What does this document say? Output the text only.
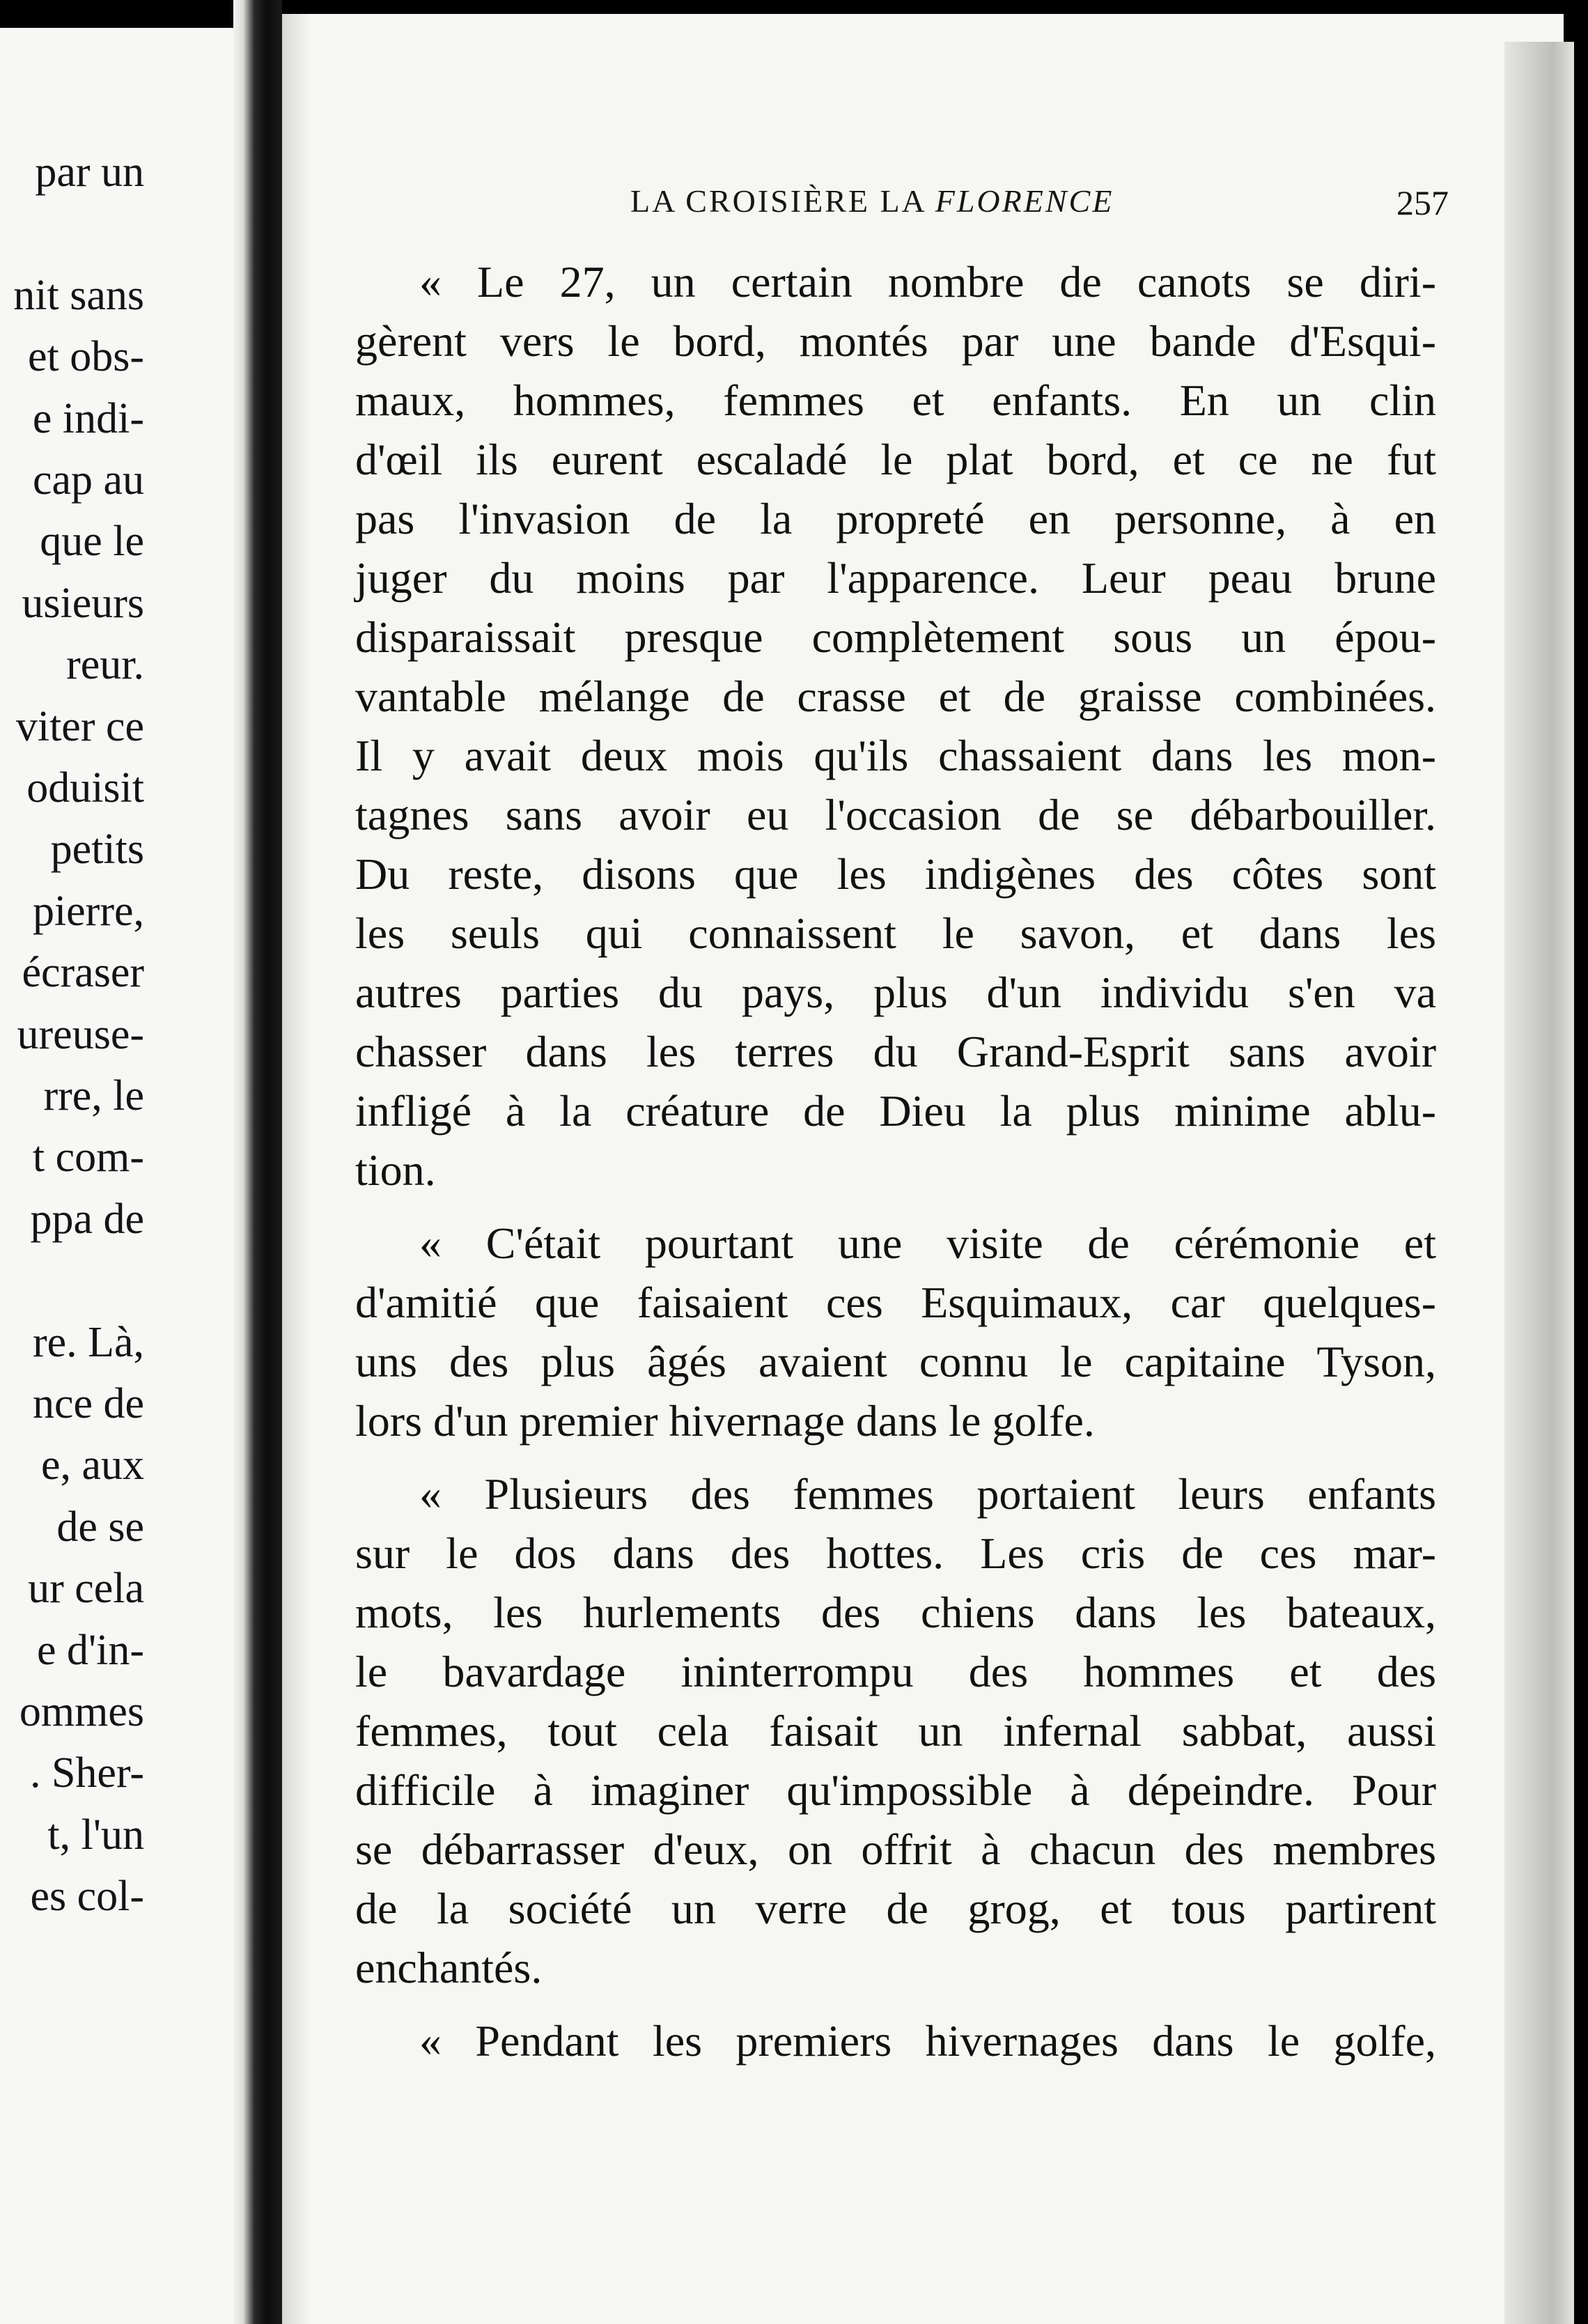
par un
nit sans
et obs-
e indi-
cap au
que le
usieurs
reur.
viter ce
oduisit
petits
pierre,
écraser
ureuse-
rre, le
t com-
ppa de
re. Là,
nce de
e, aux
de se
ur cela
e d'in-
ommes
. Sher-
t, l'un
es col-
LA CROISIÈRE LA FLORENCE	257
« Le 27, un certain nombre de canots se diri-
gèrent vers le bord, montés par une bande d'Esqui-
maux, hommes, femmes et enfants. En un clin
d'œil ils eurent escaladé le plat bord, et ce ne fut
pas l'invasion de la propreté en personne, à en
juger du moins par l'apparence. Leur peau brune
disparaissait presque complètement sous un épou-
vantable mélange de crasse et de graisse combinées.
Il y avait deux mois qu'ils chassaient dans les mon-
tagnes sans avoir eu l'occasion de se débarbouiller.
Du reste, disons que les indigènes des côtes sont
les seuls qui connaissent le savon, et dans les
autres parties du pays, plus d'un individu s'en va
chasser dans les terres du Grand-Esprit sans avoir
infligé à la créature de Dieu la plus minime ablu-
tion.
« C'était pourtant une visite de cérémonie et
d'amitié que faisaient ces Esquimaux, car quelques-
uns des plus âgés avaient connu le capitaine Tyson,
lors d'un premier hivernage dans le golfe.
« Plusieurs des femmes portaient leurs enfants
sur le dos dans des hottes. Les cris de ces mar-
mots, les hurlements des chiens dans les bateaux,
le bavardage ininterrompu des hommes et des
femmes, tout cela faisait un infernal sabbat, aussi
difficile à imaginer qu'impossible à dépeindre. Pour
se débarrasser d'eux, on offrit à chacun des membres
de la société un verre de grog, et tous partirent
enchantés.
« Pendant les premiers hivernages dans le golfe,
